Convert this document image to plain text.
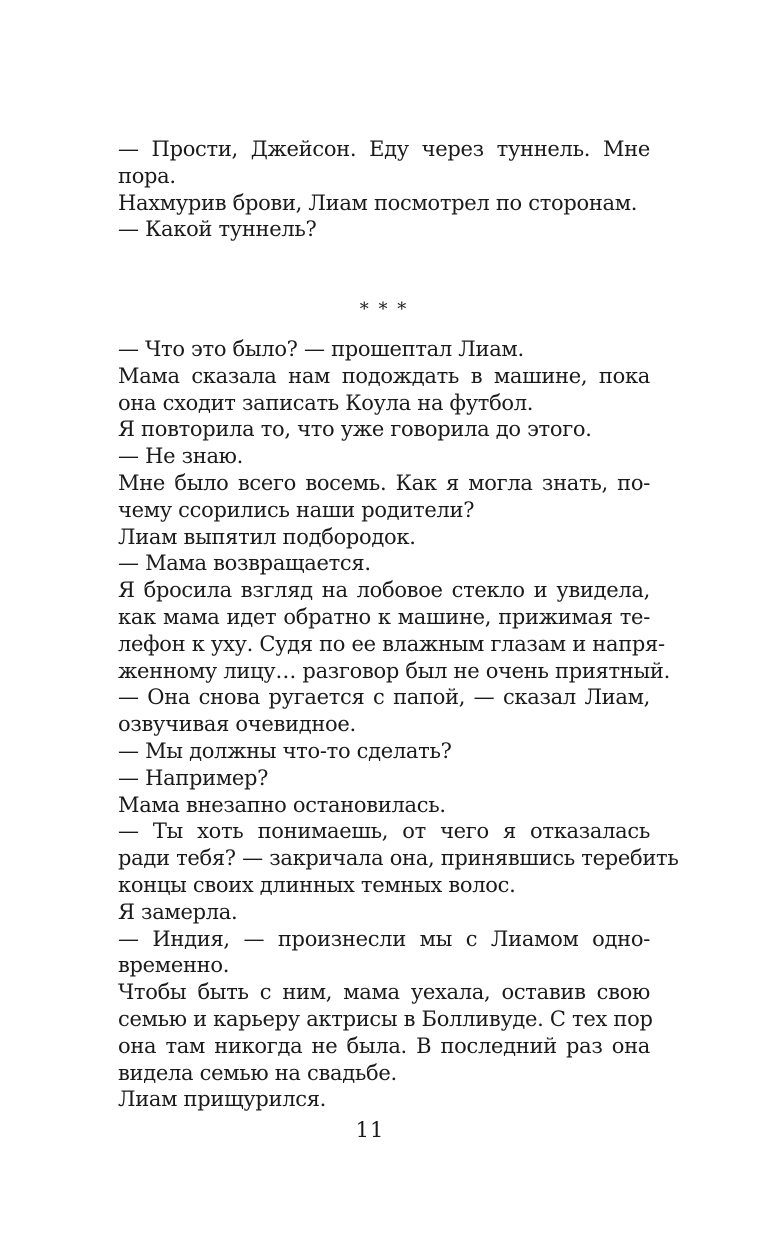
— Прости, Джейсон. Еду через туннель. Мне
пора.
Нахмурив брови, Лиам посмотрел по сторонам.
— Какой туннель?
* * *
— Что это было? — прошептал Лиам.
Мама сказала нам подождать в машине, пока
она сходит записать Коула на футбол.
Я повторила то, что уже говорила до этого.
— Не знаю.
Мне было всего восемь. Как я могла знать, по-
чему ссорились наши родители?
Лиам выпятил подбородок.
— Мама возвращается.
Я бросила взгляд на лобовое стекло и увидела,
как мама идет обратно к машине, прижимая те-
лефон к уху. Судя по ее влажным глазам и напря-
женному лицу… разговор был не очень приятный.
— Она снова ругается с папой, — сказал Лиам,
озвучивая очевидное.
— Мы должны что-то сделать?
— Например?
Мама внезапно остановилась.
— Ты хоть понимаешь, от чего я отказалась
ради тебя? — закричала она, принявшись теребить
концы своих длинных темных волос.
Я замерла.
— Индия, — произнесли мы с Лиамом одно-
временно.
Чтобы быть с ним, мама уехала, оставив свою
семью и карьеру актрисы в Болливуде. С тех пор
она там никогда не была. В последний раз она
видела семью на свадьбе.
Лиам прищурился.
11
